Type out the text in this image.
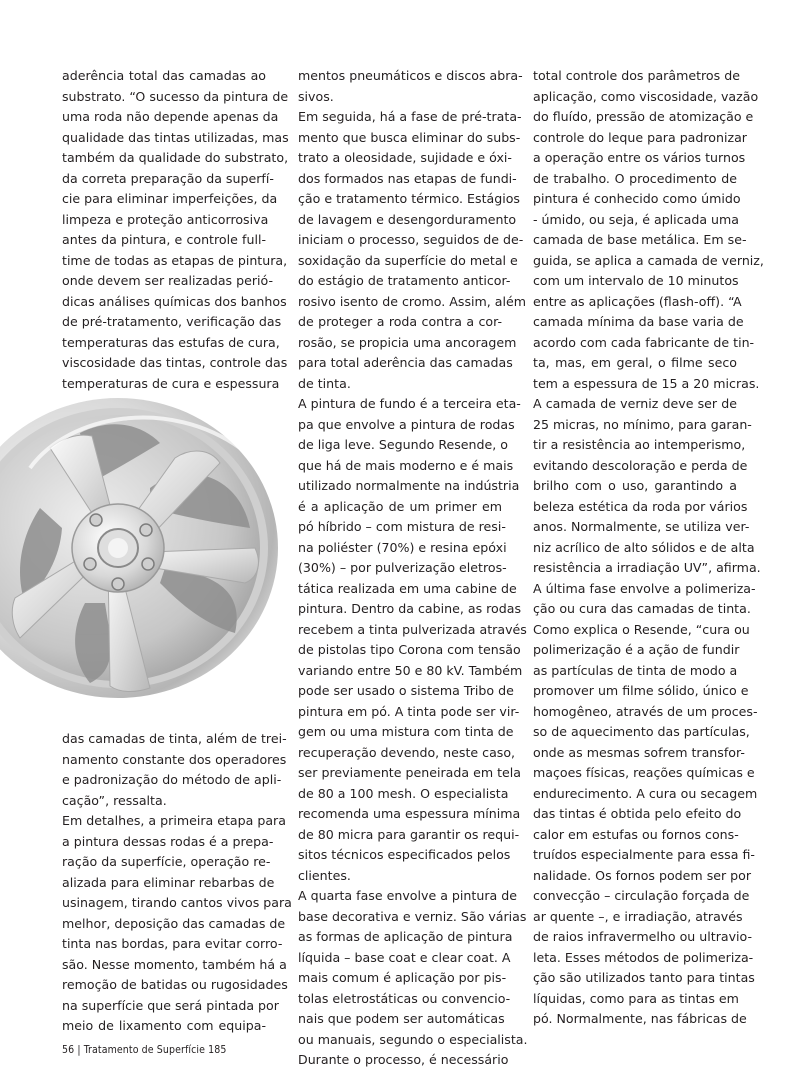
aderência total das camadas ao
substrato. “O sucesso da pintura de
uma roda não depende apenas da
qualidade das tintas utilizadas, mas
também da qualidade do substrato,
da correta preparação da superfí-
cie para eliminar imperfeições, da
limpeza e proteção anticorrosiva
antes da pintura, e controle full-
time de todas as etapas de pintura,
onde devem ser realizadas perió-
dicas análises químicas dos banhos
de pré-tratamento, verificação das
temperaturas das estufas de cura,
viscosidade das tintas, controle das
temperaturas de cura e espessura
das camadas de tinta, além de trei-
namento constante dos operadores
e padronização do método de apli-
cação”, ressalta.
Em detalhes, a primeira etapa para
a pintura dessas rodas é a prepa-
ração da superfície, operação re-
alizada para eliminar rebarbas de
usinagem, tirando cantos vivos para
melhor, deposição das camadas de
tinta nas bordas, para evitar corro-
são. Nesse momento, também há a
remoção de batidas ou rugosidades
na superfície que será pintada por
meio de lixamento com equipa-
mentos pneumáticos e discos abra-
sivos.
Em seguida, há a fase de pré-trata-
mento que busca eliminar do subs-
trato a oleosidade, sujidade e óxi-
dos formados nas etapas de fundi-
ção e tratamento térmico. Estágios
de lavagem e desengorduramento
iniciam o processo, seguidos de de-
soxidação da superfície do metal e
do estágio de tratamento anticor-
rosivo isento de cromo. Assim, além
de proteger a roda contra a cor-
rosão, se propicia uma ancoragem
para total aderência das camadas
de tinta.
A pintura de fundo é a terceira eta-
pa que envolve a pintura de rodas
de liga leve. Segundo Resende, o
que há de mais moderno e é mais
utilizado normalmente na indústria
é a aplicação de um primer em
pó híbrido – com mistura de resi-
na poliéster (70%) e resina epóxi
(30%) – por pulverização eletros-
tática realizada em uma cabine de
pintura. Dentro da cabine, as rodas
recebem a tinta pulverizada através
de pistolas tipo Corona com tensão
variando entre 50 e 80 kV. Também
pode ser usado o sistema Tribo de
pintura em pó. A tinta pode ser vir-
gem ou uma mistura com tinta de
recuperação devendo, neste caso,
ser previamente peneirada em tela
de 80 a 100 mesh. O especialista
recomenda uma espessura mínima
de 80 micra para garantir os requi-
sitos técnicos especificados pelos
clientes.
A quarta fase envolve a pintura de
base decorativa e verniz. São várias
as formas de aplicação de pintura
líquida – base coat e clear coat. A
mais comum é aplicação por pis-
tolas eletrostáticas ou convencio-
nais que podem ser automáticas
ou manuais, segundo o especialista.
Durante o processo, é necessário
total controle dos parâmetros de
aplicação, como viscosidade, vazão
do fluído, pressão de atomização e
controle do leque para padronizar
a operação entre os vários turnos
de trabalho. O procedimento de
pintura é conhecido como úmido
- úmido, ou seja, é aplicada uma
camada de base metálica. Em se-
guida, se aplica a camada de verniz,
com um intervalo de 10 minutos
entre as aplicações (flash-off). “A
camada mínima da base varia de
acordo com cada fabricante de tin-
ta, mas, em geral, o filme seco
tem a espessura de 15 a 20 micras.
A camada de verniz deve ser de
25 micras, no mínimo, para garan-
tir a resistência ao intemperismo,
evitando descoloração e perda de
brilho com o uso, garantindo a
beleza estética da roda por vários
anos. Normalmente, se utiliza ver-
niz acrílico de alto sólidos e de alta
resistência a irradiação UV”, afirma.
A última fase envolve a polimeriza-
ção ou cura das camadas de tinta.
Como explica o Resende, “cura ou
polimerização é a ação de fundir
as partículas de tinta de modo a
promover um filme sólido, único e
homogêneo, através de um proces-
so de aquecimento das partículas,
onde as mesmas sofrem transfor-
maçoes físicas, reações químicas e
endurecimento. A cura ou secagem
das tintas é obtida pelo efeito do
calor em estufas ou fornos cons-
truídos especialmente para essa fi-
nalidade. Os fornos podem ser por
convecção – circulação forçada de
ar quente –, e irradiação, através
de raios infravermelho ou ultravio-
leta. Esses métodos de polimeriza-
ção são utilizados tanto para tintas
líquidas, como para as tintas em
pó. Normalmente, nas fábricas de
56 | Tratamento de Superfície 185
